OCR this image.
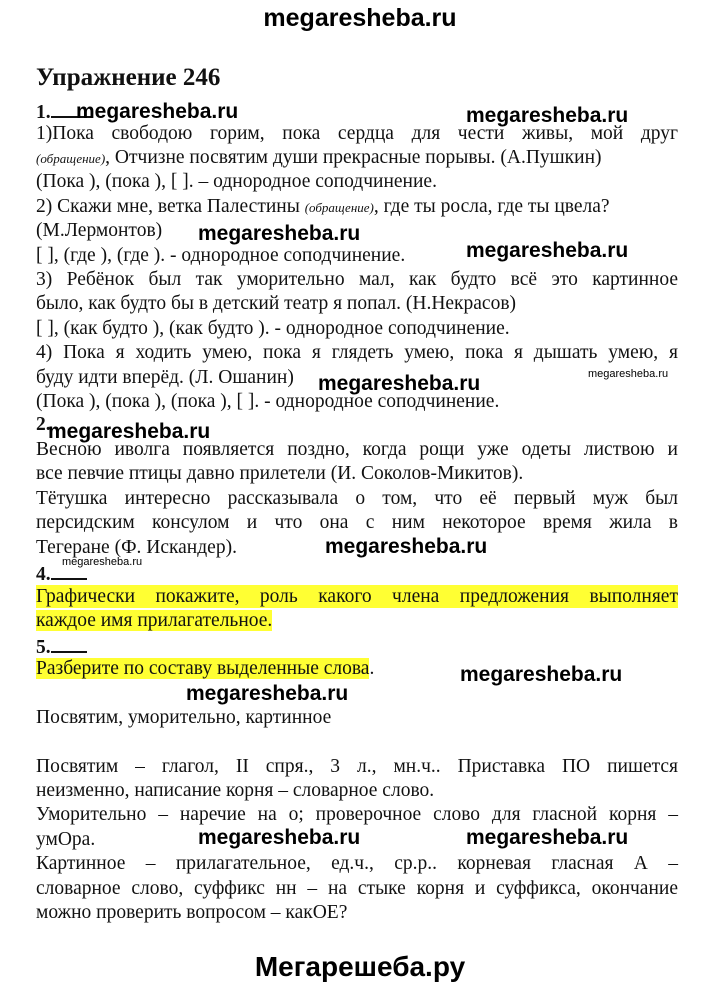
megaresheba.ru
Упражнение 246
1.
1)Пока свободою горим, пока сердца для чести живы, мой друг
(обращение), Отчизне посвятим души прекрасные порывы. (А.Пушкин)
(Пока ), (пока ), [ ]. – однородное соподчинение.
2) Скажи мне, ветка Палестины (обращение), где ты росла, где ты цвела?
(М.Лермонтов)
[ ], (где ), (где ). - однородное соподчинение.
3) Ребёнок был так уморительно мал, как будто всё это картинное
было, как будто бы в детский театр я попал. (Н.Некрасов)
[ ], (как будто ), (как будто ). - однородное соподчинение.
4) Пока я ходить умею, пока я глядеть умею, пока я дышать умею, я
буду идти вперёд. (Л. Ошанин)
(Пока ), (пока ), (пока ), [ ]. - однородное соподчинение.
2.
Весною иволга появляется поздно, когда рощи уже одеты листвою и
все певчие птицы давно прилетели (И. Соколов-Микитов).
Тётушка интересно рассказывала о том, что её первый муж был
персидским консулом и что она с ним некоторое время жила в
Тегеране (Ф. Искандер).
4.
Графически покажите, роль какого члена предложения выполняет
каждое имя прилагательное.
5.
Разберите по составу выделенные слова.
Посвятим, уморительно, картинное
Посвятим – глагол, II спря., 3 л., мн.ч.. Приставка ПО пишется
неизменно, написание корня – словарное слово.
Уморительно – наречие на о; проверочное слово для гласной корня –
умОра.
Картинное – прилагательное, ед.ч., ср.р.. корневая гласная А –
словарное слово, суффикс нн – на стыке корня и суффикса, окончание
можно проверить вопросом – какОЕ?
megaresheba.ru	megaresheba.ru
megaresheba.ru
megaresheba.ru
megaresheba.ru	megaresheba.ru
megaresheba.ru
megaresheba.ru
megaresheba.ru
megaresheba.ru
megaresheba.ru
megaresheba.ru	megaresheba.ru
Мегарешеба.ру
